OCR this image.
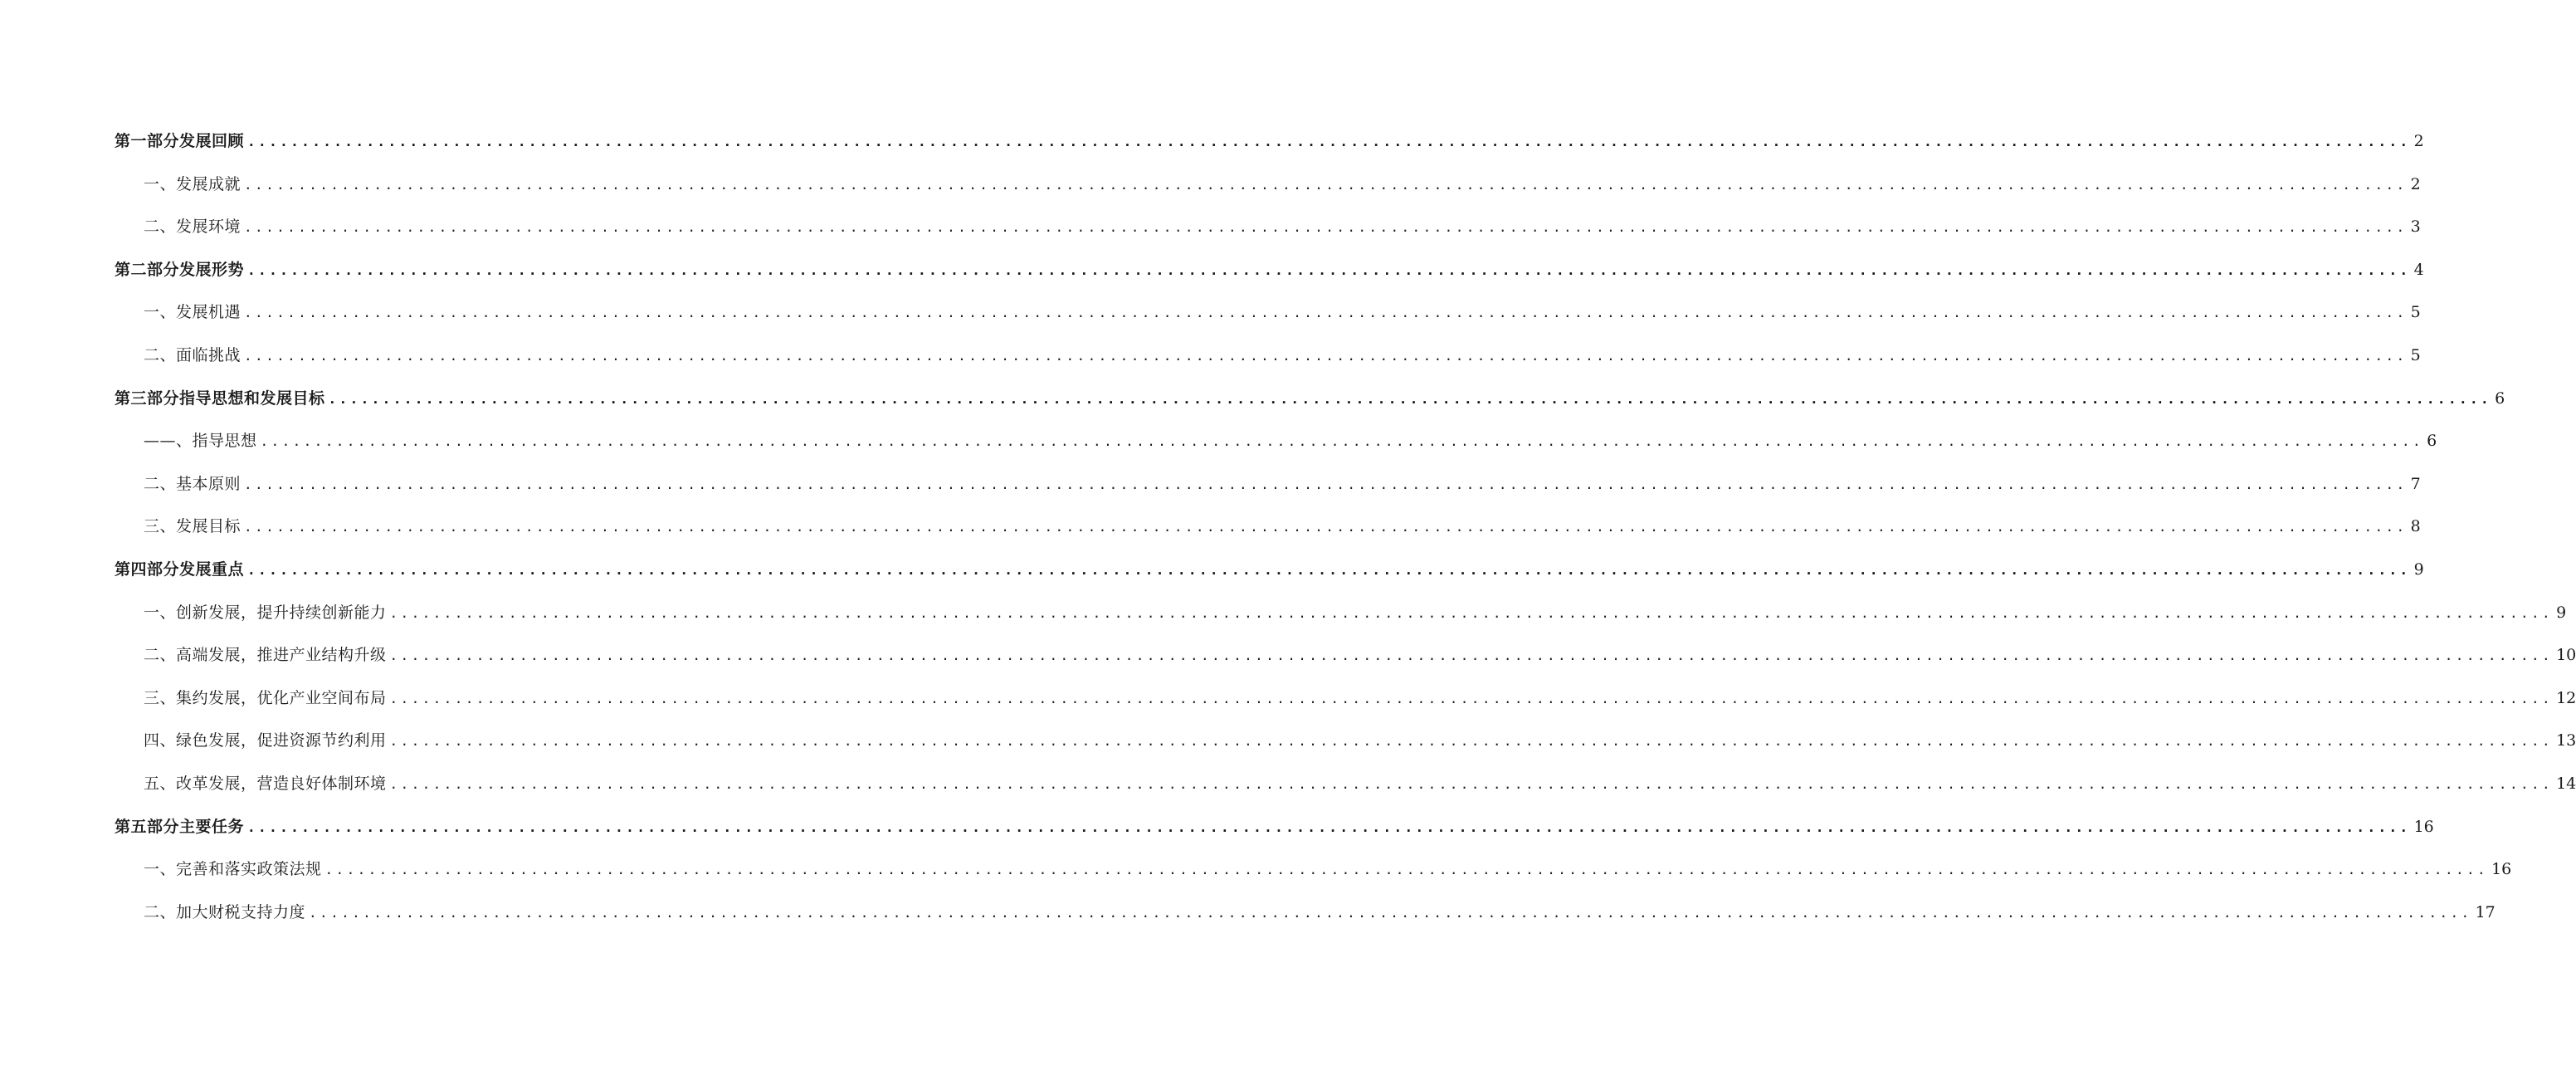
第一部分发展回顾 ........................................................................................................................................................................................................ 2
一、发展成就 ........................................................................................................................................................................................................ 2
二、发展环境 ........................................................................................................................................................................................................ 3
第二部分发展形势 ........................................................................................................................................................................................................ 4
一、发展机遇 ........................................................................................................................................................................................................ 5
二、面临挑战 ........................................................................................................................................................................................................ 5
第三部分指导思想和发展目标 ........................................................................................................................................................................................................ 6
——、指导思想 ........................................................................................................................................................................................................ 6
二、基本原则 ........................................................................................................................................................................................................ 7
三、发展目标 ........................................................................................................................................................................................................ 8
第四部分发展重点 ........................................................................................................................................................................................................ 9
一、创新发展，提升持续创新能力 ........................................................................................................................................................................................................ 9
二、高端发展，推进产业结构升级 ........................................................................................................................................................................................................ 10
三、集约发展，优化产业空间布局 ........................................................................................................................................................................................................ 12
四、绿色发展，促进资源节约利用 ........................................................................................................................................................................................................ 13
五、改革发展，营造良好体制环境 ........................................................................................................................................................................................................ 14
第五部分主要任务 ........................................................................................................................................................................................................ 16
一、完善和落实政策法规 ........................................................................................................................................................................................................ 16
二、加大财税支持力度 ........................................................................................................................................................................................................ 17
